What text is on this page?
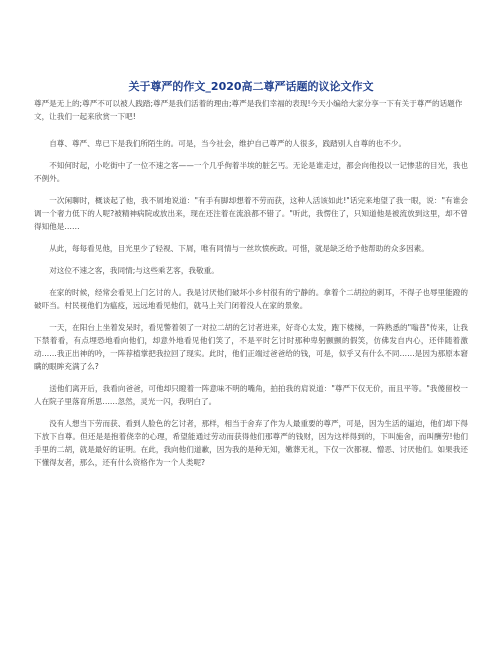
关于尊严的作文_2020高二尊严话题的议论文作文
尊严是无上的;尊严不可以被人践踏;尊严是我们活着的理由;尊严是我们幸福的表现!今天小编给大家分享一下有关于尊严的话题作文，让我们一起来欣赏一下吧!

自尊、尊严、卑已下是我们所陌生的。可是，当今社会，维护自己尊严的人很多，践踏别人自尊的也不少。

不知何时起，小吃街中了一位不速之客——一个几乎佝着半埃的脏乞丐。无论是谁走过，都会向他投以一记惨悲的目光，我也不例外。

一次闲聊时，概谈起了他，我不屑地说道："有手有脚却想着不劳而获，这种人活该如此!"话完来地望了我一眼，说："有谁会调一个奢力低下的人呢?被精神病院或放出来，现在还注着在流浪都不错了。"听此，我愣住了，只知道他是被流放到这里，却不曾得知他是……

从此，每每看见他，目光里少了轻视、下屑，唯有同情与一丝坎愤疾政。可惜，就是缺乏给予他帮助的众多因素。

对这位不速之客，我同情;与这些乘艺客，我敬重。

在家的时候，经常会看见上门乞讨的人。我是讨厌他们破坏小乡村很有的宁静的。拿着个二胡拉的刺耳，不得子也辱里能蹬的破吓当。村民视他们为瘟疫，远远地看见他们，就马上关门闭着没人在家的景象。

一天，在阳台上坐着发呆时，看见警着领了一对拉二胡的乞讨者进来，好奇心太发，跑下楼梯，一阵熟悉的"嗡普"传来，让我下禁着看，有点埋恐地看向他们，却意外地看见他们笑了，不是平时乞讨时那种卑躬颤颤的假笑，仿佛发自内心，还伴随着激动……我正出神的吟，一阵荐植掌把我拉回了现实。此时，他们正端过爸爸给的钱，可是，似乎又有什么不同……是因为那原本窘瞒的眼眸充满了么?

送他们离开后，我看向爸爸，可他却只瞪着一阵意味不明的嘴角，拍拍我的肩说道："尊严下仅无价，而且平等。"我傻留校一人在院子里落育所思……忽然，灵光一闪，我明白了。

没有人想当下劳而获、看到人脸色的乞讨者，那样，相当于舍弃了作为人最重要的尊严，可是，因为生活的逼迫，他们却下得下放下自尊。但还是是抱着侥幸的心理，希望能通过劳动而获得他们那尊严的钱财，因为这样得到的，下叫施舍，而叫酬劳!他们手里的二胡，就是最好的证明。在此，我向他们道歉，因为我的是种无知，嫩葬无礼，下仅一次都视、憎恶、讨厌他们。如果我还下懂得友者，那么，还有什么资格作为一个人类呢?
